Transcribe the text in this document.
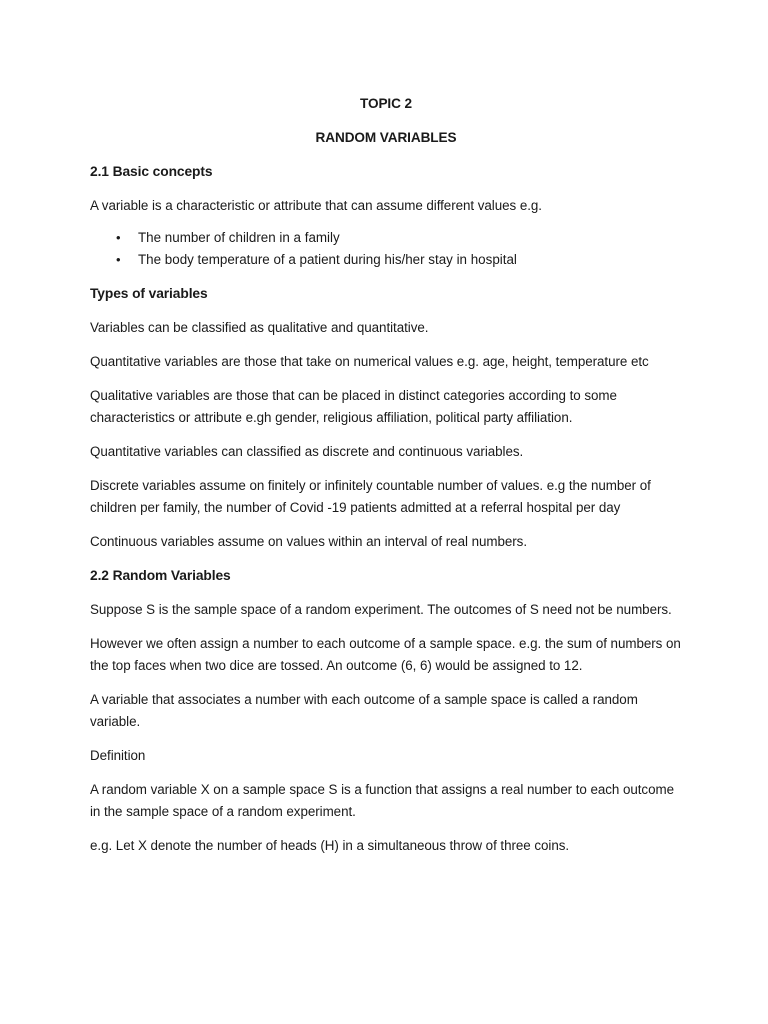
TOPIC 2
RANDOM VARIABLES
2.1 Basic concepts

A variable is a characteristic or attribute that can assume different values e.g.

• The number of children in a family
• The body temperature of a patient during his/her stay in hospital
Types of variables

Variables can be classified as qualitative and quantitative.

Quantitative variables are those that take on numerical values e.g. age, height, temperature etc

Qualitative variables are those that can be placed in distinct categories according to some characteristics or attribute e.gh gender, religious affiliation, political party affiliation.

Quantitative variables can classified as discrete and continuous variables.

Discrete variables assume on finitely or infinitely countable number of values. e.g the number of children per family, the number of Covid -19 patients admitted at a referral hospital per day

Continuous variables assume on values within an interval of real numbers.

2.2 Random Variables

Suppose S is the sample space of a random experiment. The outcomes of S need not be numbers.

However we often assign a number to each outcome of a sample space. e.g. the sum of numbers on the top faces when two dice are tossed. An outcome (6, 6) would be assigned to 12.

A variable that associates a number with each outcome of a sample space is called a random variable.

Definition

A random variable X on a sample space S is a function that assigns a real number to each outcome in the sample space of a random experiment.

e.g. Let X denote the number of heads (H) in a simultaneous throw of three coins.
